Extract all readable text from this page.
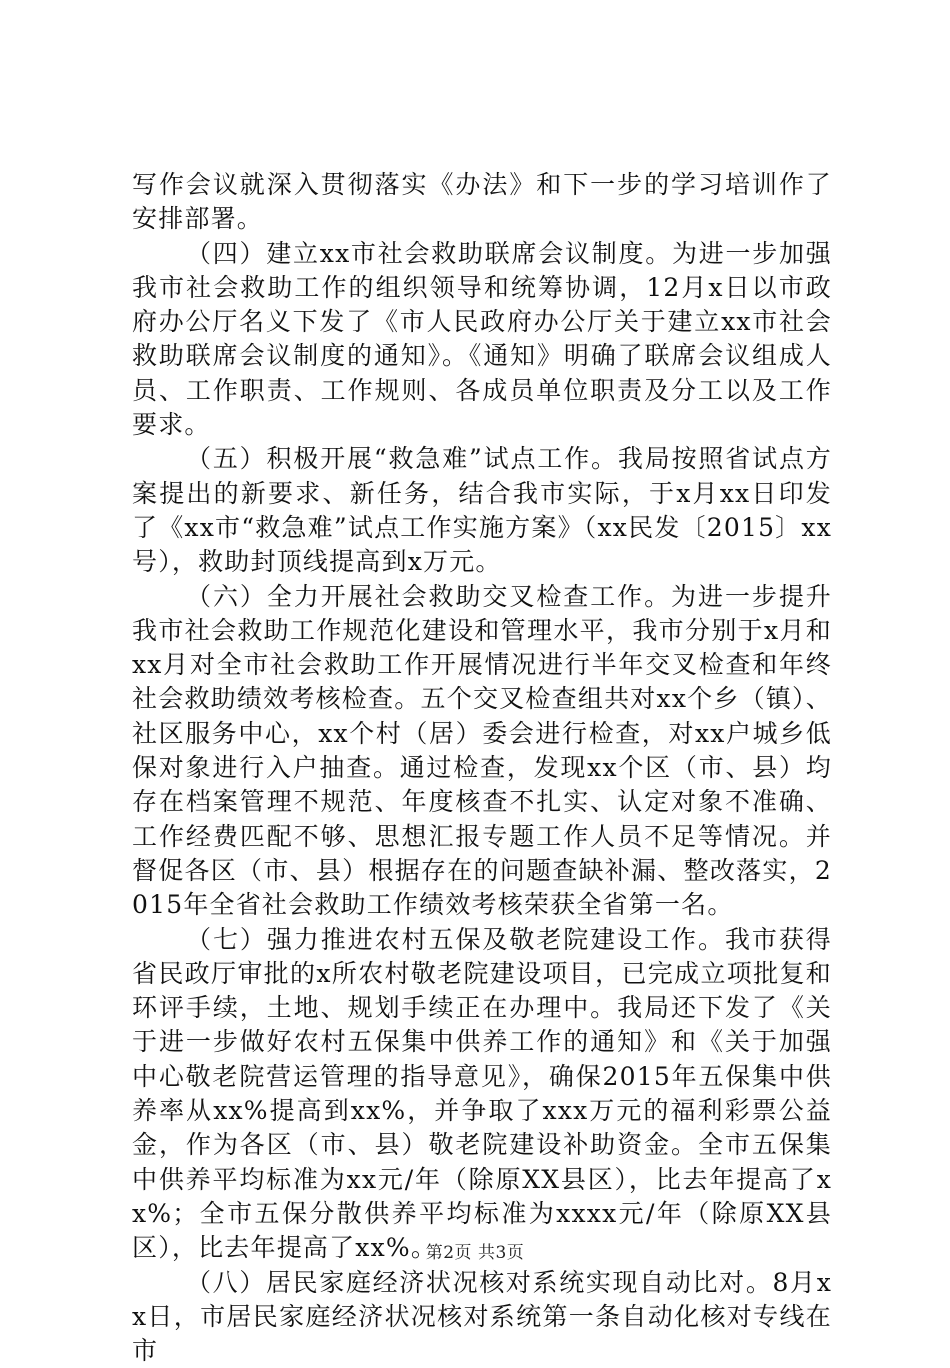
写作会议就深入贯彻落实《办法》和下一步的学习培训作了安排部署。

（四）建立xx市社会救助联席会议制度。为进一步加强我市社会救助工作的组织领导和统筹协调，12月x日以市政府办公厅名义下发了《市人民政府办公厅关于建立xx市社会救助联席会议制度的通知》。《通知》明确了联席会议组成人员、工作职责、工作规则、各成员单位职责及分工以及工作要求。

（五）积极开展“救急难”试点工作。我局按照省试点方案提出的新要求、新任务，结合我市实际，于x月xx日印发了《xx市“救急难”试点工作实施方案》（xx民发〔2015〕xx号），救助封顶线提高到x万元。

（六）全力开展社会救助交叉检查工作。为进一步提升我市社会救助工作规范化建设和管理水平，我市分别于x月和xx月对全市社会救助工作开展情况进行半年交叉检查和年终社会救助绩效考核检查。五个交叉检查组共对xx个乡（镇）、社区服务中心，xx个村（居）委会进行检查，对xx户城乡低保对象进行入户抽查。通过检查，发现xx个区（市、县）均存在档案管理不规范、年度核查不扎实、认定对象不准确、工作经费匹配不够、思想汇报专题工作人员不足等情况。并督促各区（市、县）根据存在的问题查缺补漏、整改落实，2015年全省社会救助工作绩效考核荣获全省第一名。

（七）强力推进农村五保及敬老院建设工作。我市获得省民政厅审批的x所农村敬老院建设项目，已完成立项批复和环评手续，土地、规划手续正在办理中。我局还下发了《关于进一步做好农村五保集中供养工作的通知》和《关于加强中心敬老院营运管理的指导意见》，确保2015年五保集中供养率从xx%提高到xx%，并争取了xxx万元的福利彩票公益金，作为各区（市、县）敬老院建设补助资金。全市五保集中供养平均标准为xx元/年（除原XX县区），比去年提高了xx%；全市五保分散供养平均标准为xxxx元/年（除原XX县区），比去年提高了xx%。

（八）居民家庭经济状况核对系统实现自动比对。8月xx日，市居民家庭经济状况核对系统第一条自动化核对专线在市

第2页 共3页
